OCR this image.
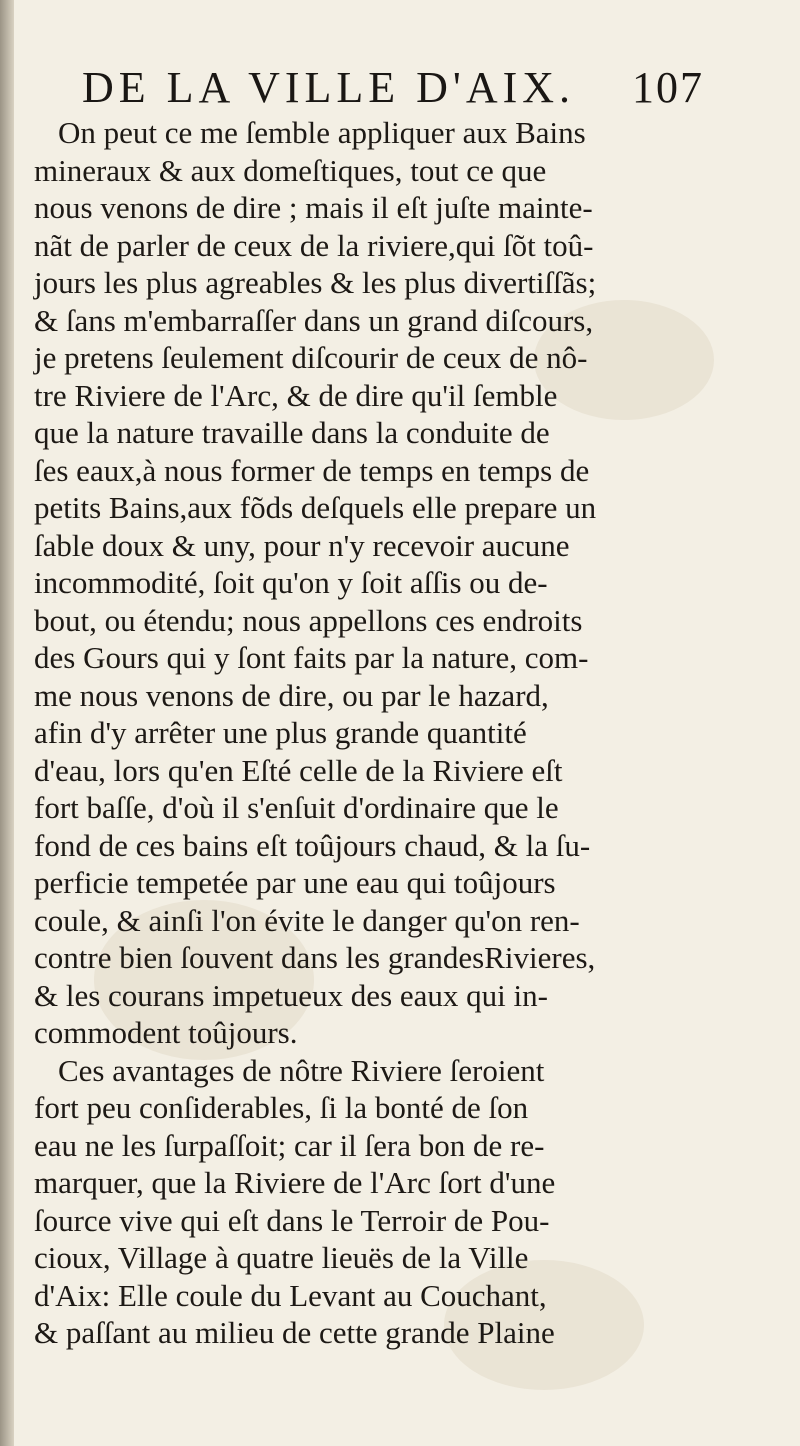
DE LA VILLE D'AIX. 107
On peut ce me ſemble appliquer aux Bains
mineraux & aux domeſtiques, tout ce que
nous venons de dire ; mais il eſt juſte mainte-
nãt de parler de ceux de la riviere,qui ſõt toû-
jours les plus agreables & les plus divertiſſãs;
& ſans m'embarraſſer dans un grand diſcours,
je pretens ſeulement diſcourir de ceux de nô-
tre Riviere de l'Arc, & de dire qu'il ſemble
que la nature travaille dans la conduite de
ſes eaux,à nous former de temps en temps de
petits Bains,aux fõds deſquels elle prepare un
ſable doux & uny, pour n'y recevoir aucune
incommodité, ſoit qu'on y ſoit aſſis ou de-
bout, ou étendu; nous appellons ces endroits
des Gours qui y ſont faits par la nature, com-
me nous venons de dire, ou par le hazard,
afin d'y arrêter une plus grande quantité
d'eau, lors qu'en Eſté celle de la Riviere eſt
fort baſſe, d'où il s'enſuit d'ordinaire que le
fond de ces bains eſt toûjours chaud, & la ſu-
perficie tempetée par une eau qui toûjours
coule, & ainſi l'on évite le danger qu'on ren-
contre bien ſouvent dans les grandesRivieres,
& les courans impetueux des eaux qui in-
commodent toûjours.
Ces avantages de nôtre Riviere ſeroient
fort peu conſiderables, ſi la bonté de ſon
eau ne les ſurpaſſoit; car il ſera bon de re-
marquer, que la Riviere de l'Arc ſort d'une
ſource vive qui eſt dans le Terroir de Pou-
cioux, Village à quatre lieuës de la Ville
d'Aix: Elle coule du Levant au Couchant,
& paſſant au milieu de cette grande Plaine
